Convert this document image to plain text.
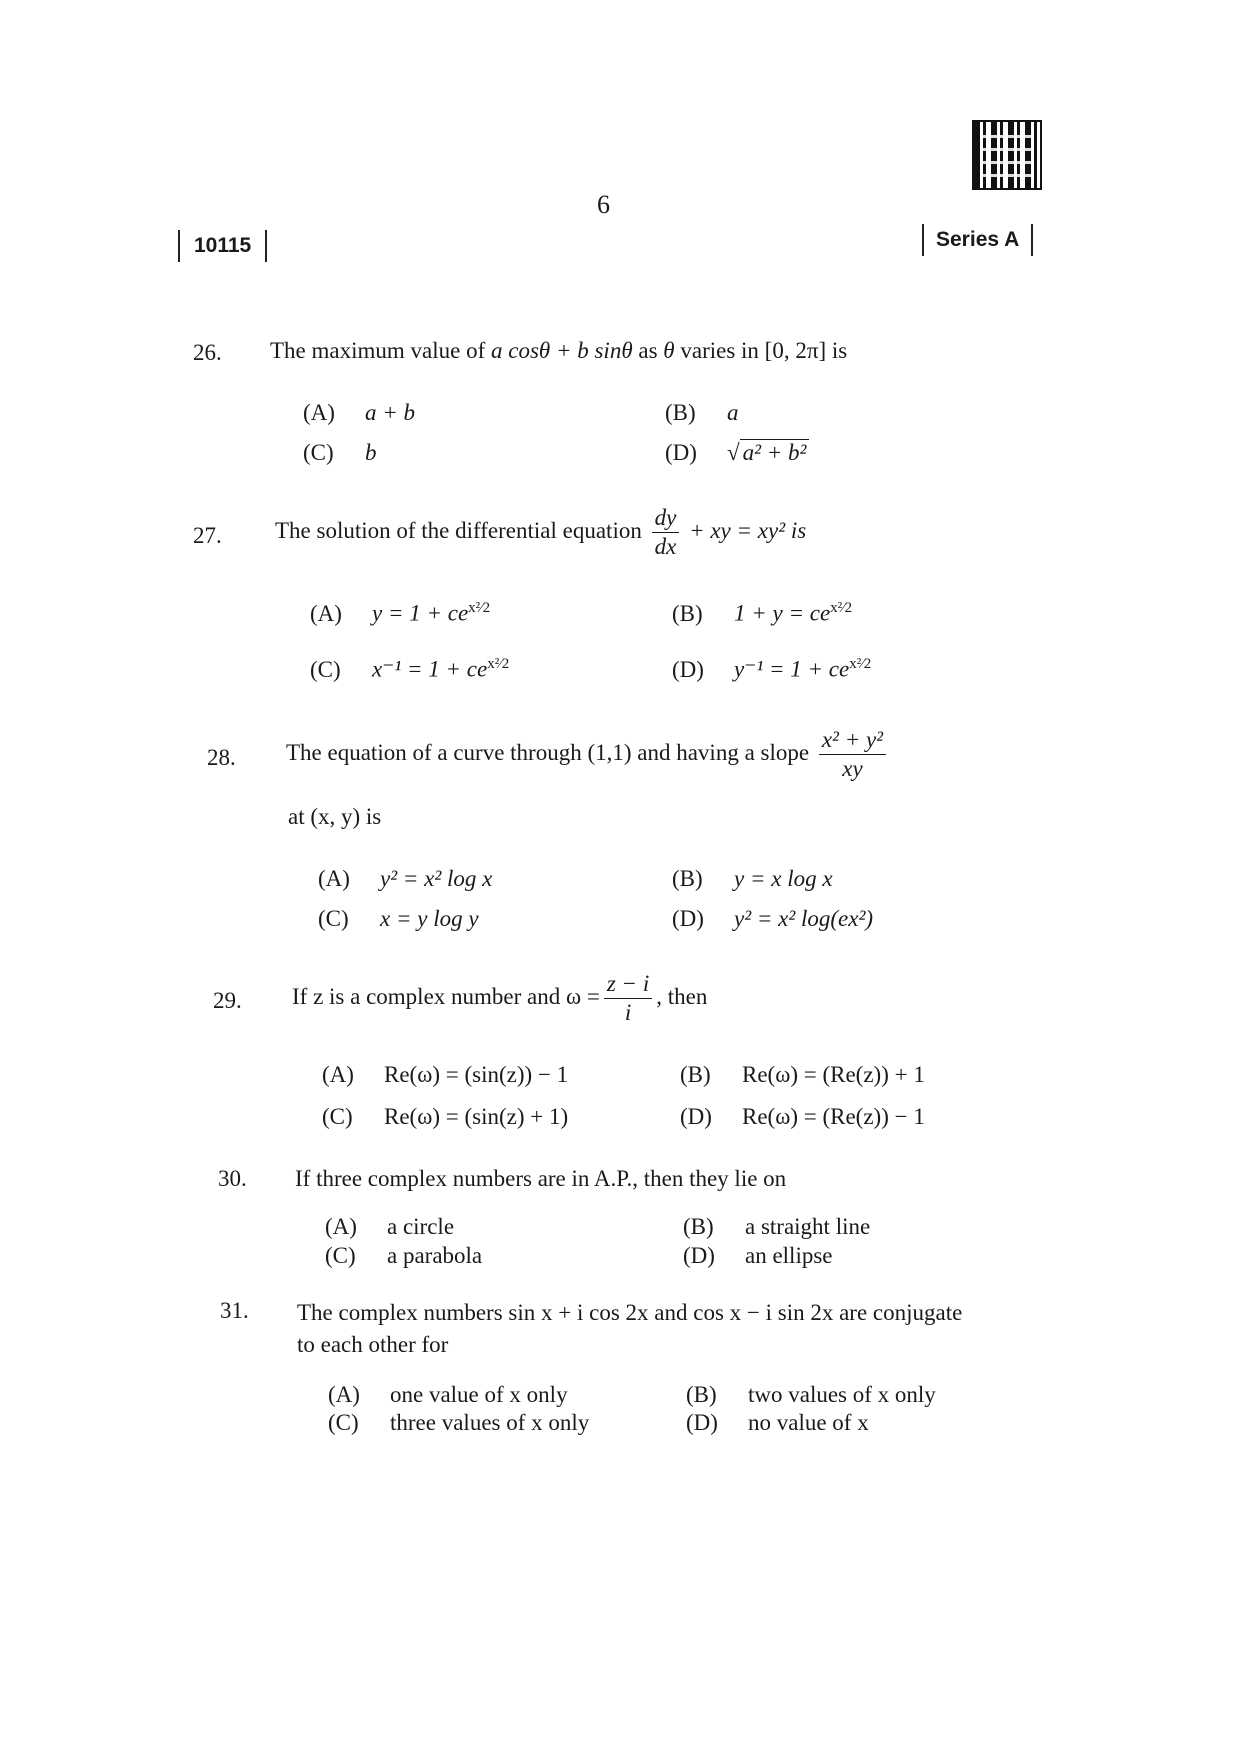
6
10115	Series A
26. The maximum value of a cosθ + b sinθ as θ varies in [0, 2π] is
(A) a + b	(B) a
(C) b	(D) √ a² + b²
27. The solution of the differential equation $\frac{dy}{dx}$ + xy = xy² is
(A) $y = 1 + ce^{x^2⁄2}$	(B) $1 + y = ce^{x^2⁄2}$
(C) $x^{-1} = 1 + ce^{x^2⁄2}$	(D) $y^{-1} = 1 + ce^{x^2⁄2}$
28. The equation of a curve through (1,1) and having a slope $\frac{\text{x² + y²}}{xy}$
at (x, y) is
(A) y² = x² log x	(B) y = x log x
(C) x = y log y	(D) y² = x² log(ex²)
29. If z is a complex number and $\omega = \frac{z - i}{i}$ , then
(A) Re(ω) = (sin(z)) − 1	(B) Re(ω) = (Re(z)) + 1
(C) Re(ω) = (sin(z) + 1)	(D) Re(ω) = (Re(z)) − 1
30. If three complex numbers are in A.P., then they lie on
(A) a circle	(B) a straight line
(C) a parabola	(D) an ellipse
31. The complex numbers sin x + i cos 2x and cos x − i sin 2x are conjugate
to each other for
(A) one value of x only	(B) two values of x only
(C) three values of x only	(D) no value of x
